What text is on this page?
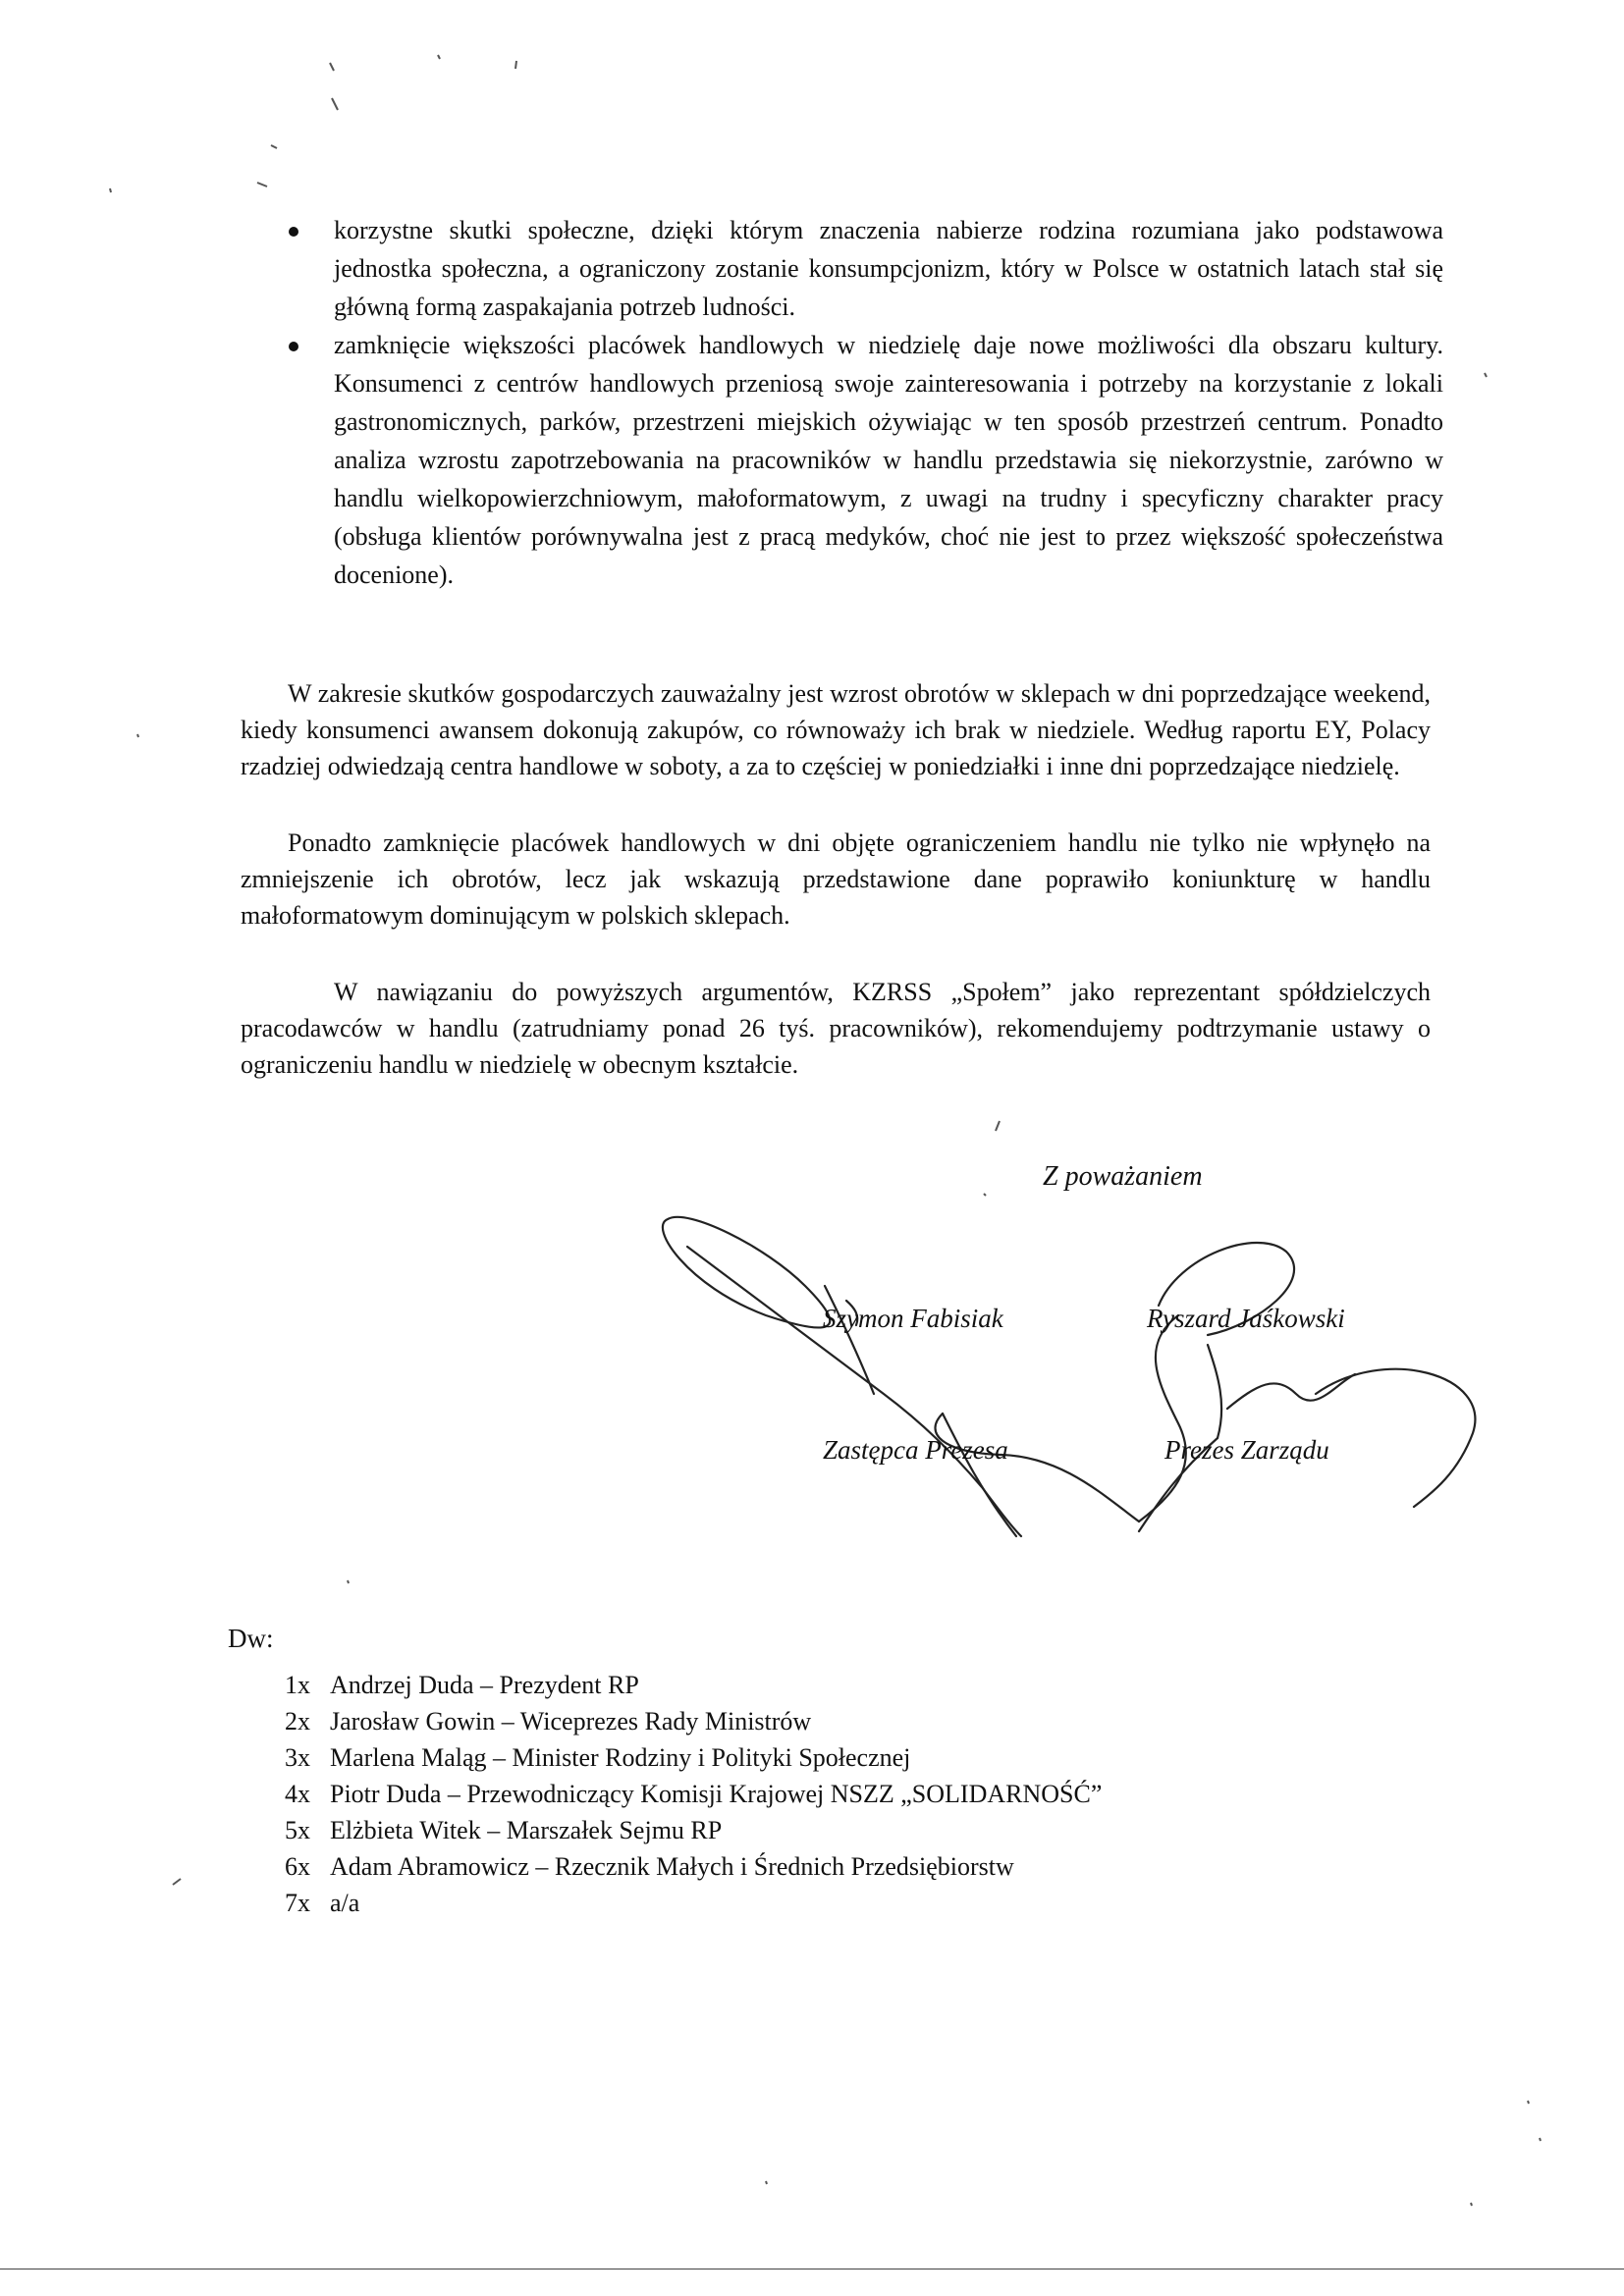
korzystne skutki społeczne, dzięki którym znaczenia nabierze rodzina rozumiana jako podstawowa jednostka społeczna, a ograniczony zostanie konsumpcjonizm, który w Polsce w ostatnich latach stał się główną formą zaspakajania potrzeb ludności.
zamknięcie większości placówek handlowych w niedzielę daje nowe możliwości dla obszaru kultury. Konsumenci z centrów handlowych przeniosą swoje zainteresowania i potrzeby na korzystanie z lokali gastronomicznych, parków, przestrzeni miejskich ożywiając w ten sposób przestrzeń centrum. Ponadto analiza wzrostu zapotrzebowania na pracowników w handlu przedstawia się niekorzystnie, zarówno w handlu wielkopowierzchniowym, małoformatowym, z uwagi na trudny i specyficzny charakter pracy (obsługa klientów porównywalna jest z pracą medyków, choć nie jest to przez większość społeczeństwa docenione).

W zakresie skutków gospodarczych zauważalny jest wzrost obrotów w sklepach w dni poprzedzające weekend, kiedy konsumenci awansem dokonują zakupów, co równoważy ich brak w niedziele. Według raportu EY, Polacy rzadziej odwiedzają centra handlowe w soboty, a za to częściej w poniedziałki i inne dni poprzedzające niedzielę.

Ponadto zamknięcie placówek handlowych w dni objęte ograniczeniem handlu nie tylko nie wpłynęło na zmniejszenie ich obrotów, lecz jak wskazują przedstawione dane poprawiło koniunkturę w handlu małoformatowym dominującym w polskich sklepach.

W nawiązaniu do powyższych argumentów, KZRSS „Społem” jako reprezentant spółdzielczych pracodawców w handlu (zatrudniamy ponad 26 tyś. pracowników), rekomendujemy podtrzymanie ustawy o ograniczeniu handlu w niedzielę w obecnym kształcie.

Z poważaniem
Szymon Fabisiak
Zastępca Prezesa
Ryszard Jaśkowski
Prezes Zarządu
Dw:
1x Andrzej Duda – Prezydent RP
2x Jarosław Gowin – Wiceprezes Rady Ministrów
3x Marlena Maląg – Minister Rodziny i Polityki Społecznej
4x Piotr Duda – Przewodniczący Komisji Krajowej NSZZ „SOLIDARNOŚĆ”
5x Elżbieta Witek – Marszałek Sejmu RP
6x Adam Abramowicz – Rzecznik Małych i Średnich Przedsiębiorstw
7x a/a
